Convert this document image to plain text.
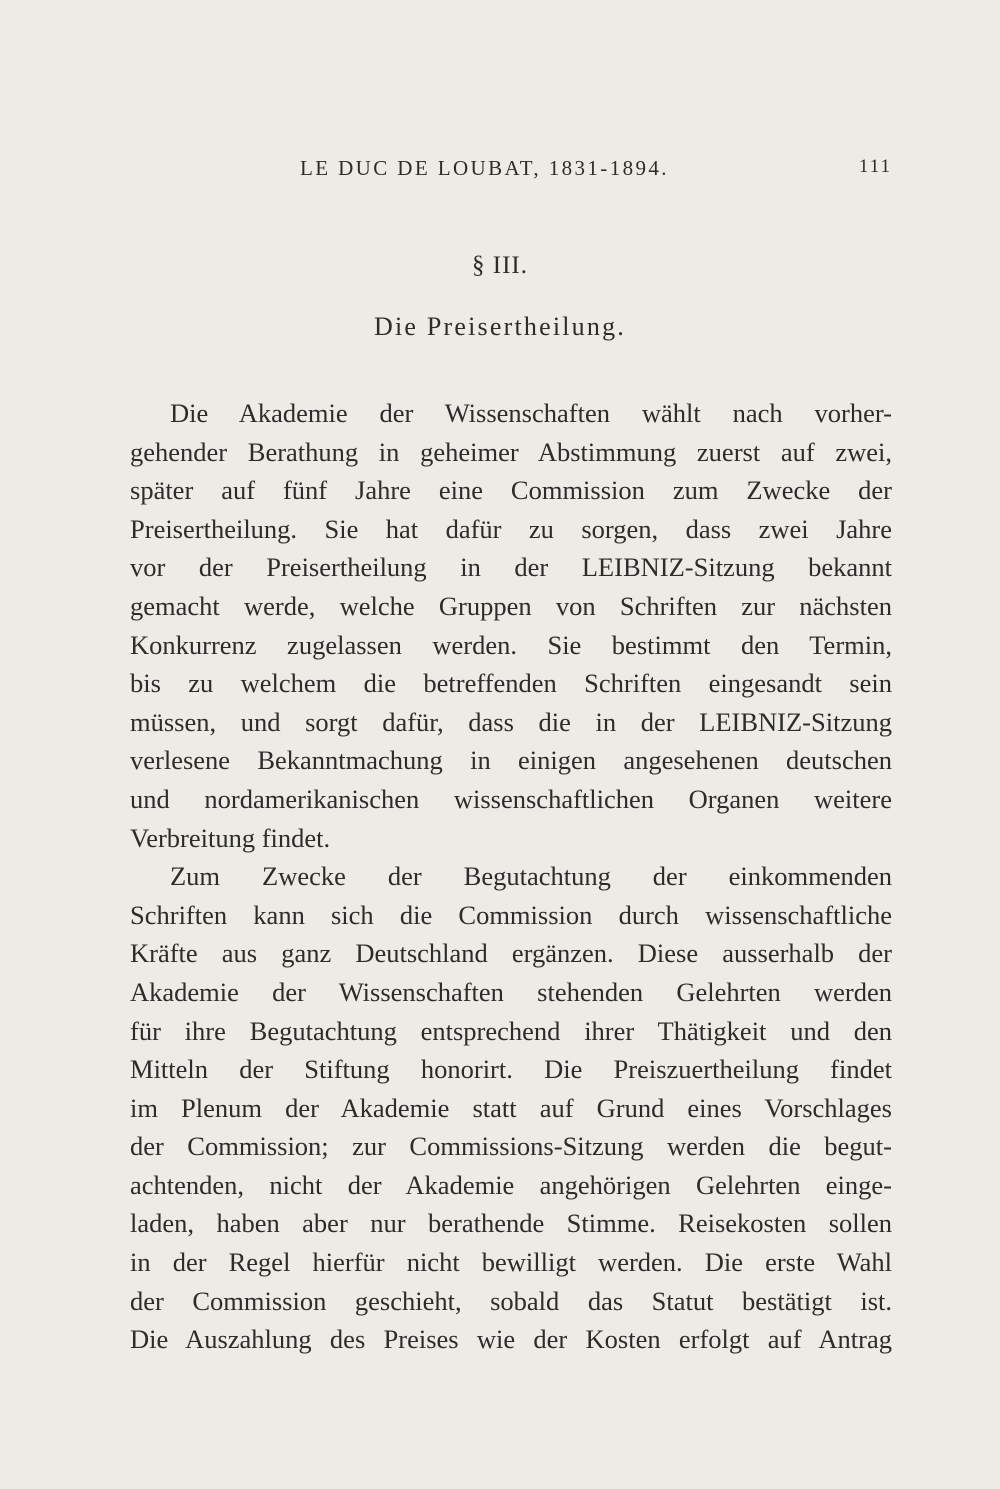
LE DUC DE LOUBAT, 1831-1894.	111
§ III.
Die Preisertheilung.
Die Akademie der Wissenschaften wählt nach vorher-
gehender Berathung in geheimer Abstimmung zuerst auf zwei,
später auf fünf Jahre eine Commission zum Zwecke der
Preisertheilung. Sie hat dafür zu sorgen, dass zwei Jahre
vor der Preisertheilung in der LEIBNIZ-Sitzung bekannt
gemacht werde, welche Gruppen von Schriften zur nächsten
Konkurrenz zugelassen werden. Sie bestimmt den Termin,
bis zu welchem die betreffenden Schriften eingesandt sein
müssen, und sorgt dafür, dass die in der LEIBNIZ-Sitzung
verlesene Bekanntmachung in einigen angesehenen deutschen
und nordamerikanischen wissenschaftlichen Organen weitere
Verbreitung findet.
Zum Zwecke der Begutachtung der einkommenden
Schriften kann sich die Commission durch wissenschaftliche
Kräfte aus ganz Deutschland ergänzen. Diese ausserhalb der
Akademie der Wissenschaften stehenden Gelehrten werden
für ihre Begutachtung entsprechend ihrer Thätigkeit und den
Mitteln der Stiftung honorirt. Die Preiszuertheilung findet
im Plenum der Akademie statt auf Grund eines Vorschlages
der Commission; zur Commissions-Sitzung werden die begut-
achtenden, nicht der Akademie angehörigen Gelehrten einge-
laden, haben aber nur berathende Stimme. Reisekosten sollen
in der Regel hierfür nicht bewilligt werden. Die erste Wahl
der Commission geschieht, sobald das Statut bestätigt ist.
Die Auszahlung des Preises wie der Kosten erfolgt auf Antrag
